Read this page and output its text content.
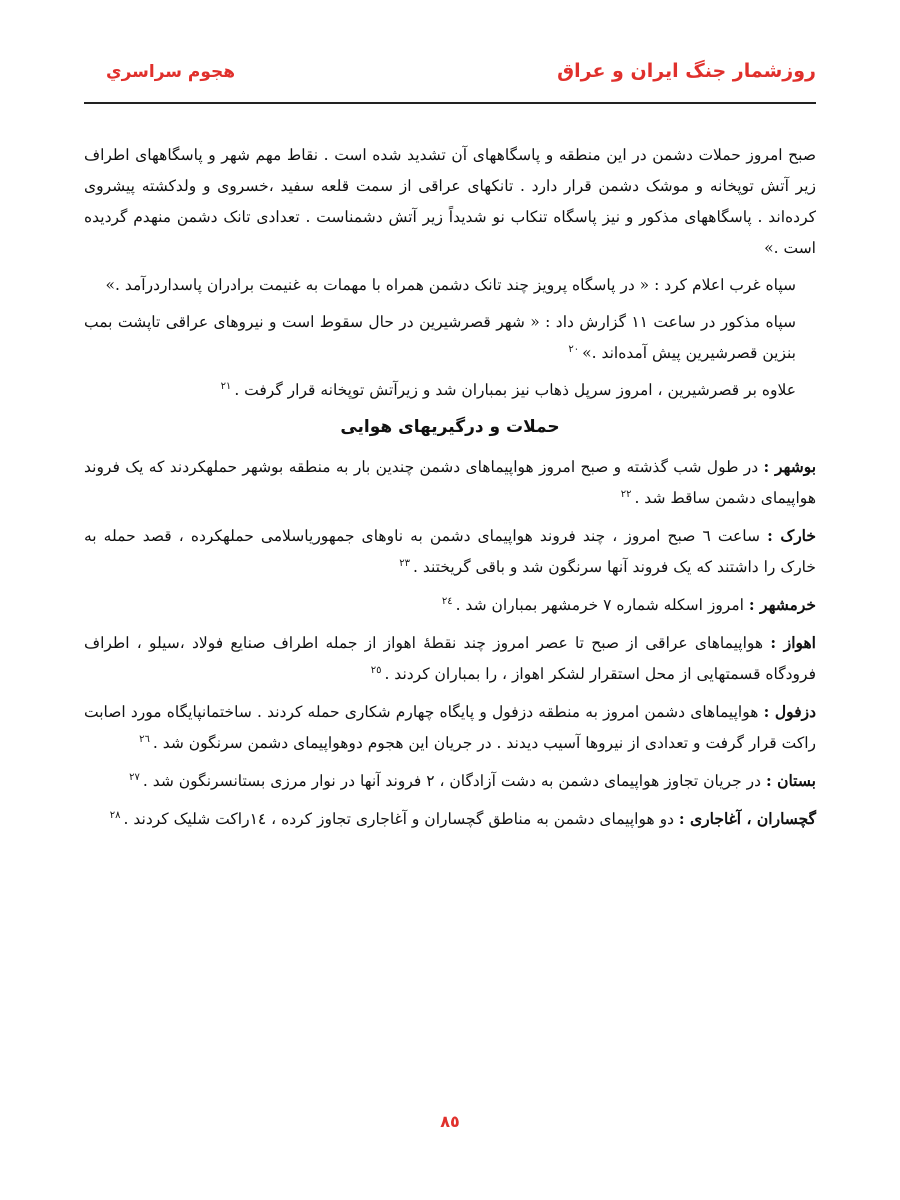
روزشمار جنگ ایران و عراق
هجوم سراسري

صبح امروز حملات دشمن در این منطقه و پاسگاههای آن تشدید شده است . نقاط مهم شهر و پاسگاههای اطراف زیر آتش توپخانه و موشک دشمن قرار دارد . تانکهای عراقی از سمت قلعه سفید ،خسروی و ولدکشته پیشروی کرده‌اند . پاسگاههای مذکور و نیز پاسگاه تنکاب نو شدیداً زیر آتش دشمناست . تعدادی تانک دشمن منهدم گردیده است .»

سپاه غرب اعلام کرد : « در پاسگاه پرویز چند تانک دشمن همراه با مهمات به غنیمت برادران پاسداردرآمد .»

سپاه مذکور در ساعت ۱۱ گزارش داد : « شهر قصرشیرین در حال سقوط است و نیروهای عراقی تاپشت بمب بنزین قصرشیرین پیش آمده‌اند .»$^{۲۰}$

علاوه بر قصرشیرین ، امروز سرپل ذهاب نیز بمباران شد و زیرآتش توپخانه قرار گرفت .$^{۲۱}$

حملات و درگیریهای هوایی

بوشهر : در طول شب گذشته و صبح امروز هواپیماهای دشمن چندین بار به منطقه بوشهر حملهکردند که یک فروند هواپیمای دشمن ساقط شد .$^{۲۲}$

خارک : ساعت ٦ صبح امروز ، چند فروند هواپیمای دشمن به ناوهای جمهوریاسلامی حملهکرده ، قصد حمله به خارک را داشتند که یک فروند آنها سرنگون شد و باقی گریختند .$^{۲۳}$

خرمشهر : امروز اسکله شماره ۷ خرمشهر بمباران شد .$^{۲٤}$

اهواز : هواپیماهای عراقی از صبح تا عصر امروز چند نقطهٔ اهواز از جمله اطراف صنایع فولاد ،سیلو ، اطراف فرودگاه قسمتهایی از محل استقرار لشکر اهواز ، را بمباران کردند .$^{۲٥}$

دزفول : هواپیماهای دشمن امروز به منطقه دزفول و پایگاه چهارم شکاری حمله کردند . ساختمانپایگاه مورد اصابت راکت قرار گرفت و تعدادی از نیروها آسیب دیدند . در جریان این هجوم دوهواپیمای دشمن سرنگون شد .$^{۲٦}$

بستان : در جریان تجاوز هواپیمای دشمن به دشت آزادگان ، ۲ فروند آنها در نوار مرزی بستانسرنگون شد .$^{۲۷}$

گچساران ، آغاجاری : دو هواپیمای دشمن به مناطق گچساران و آغاجاری تجاوز کرده ، ١٤راکت شلیک کردند .$^{۲۸}$

۸٥
